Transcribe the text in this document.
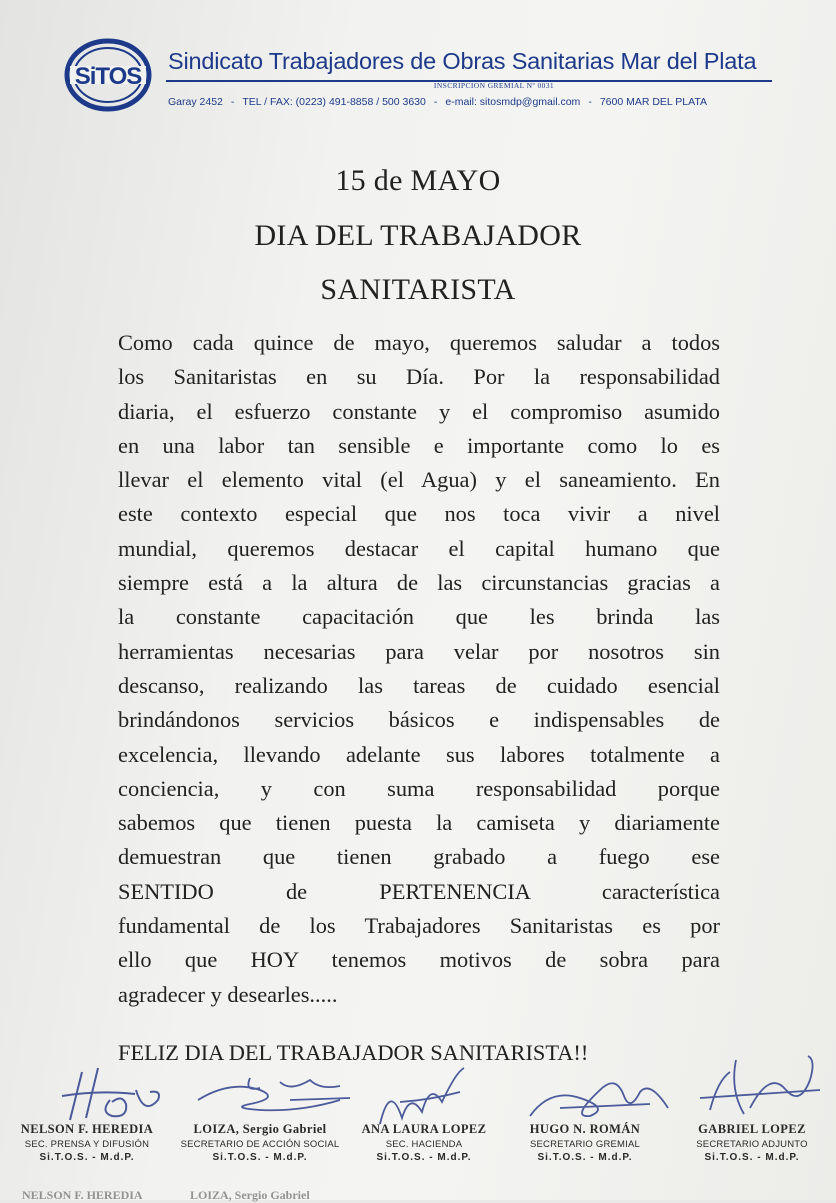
SiTOS
Sindicato Trabajadores de Obras Sanitarias Mar del Plata
INSCRIPCION GREMIAL Nº 0031
Garay 2452 - TEL / FAX: (0223) 491-8858 / 500 3630 - e-mail: sitosmdp@gmail.com - 7600 MAR DEL PLATA
15 de MAYO
DIA DEL TRABAJADOR
SANITARISTA
Como cada quince de mayo, queremos saludar a todos
los Sanitaristas en su Día. Por la responsabilidad
diaria, el esfuerzo constante y el compromiso asumido
en una labor tan sensible e importante como lo es
llevar el elemento vital (el Agua) y el saneamiento. En
este contexto especial que nos toca vivir a nivel
mundial, queremos destacar el capital humano que
siempre está a la altura de las circunstancias gracias a
la constante capacitación que les brinda las
herramientas necesarias para velar por nosotros sin
descanso, realizando las tareas de cuidado esencial
brindándonos servicios básicos e indispensables de
excelencia, llevando adelante sus labores totalmente a
conciencia, y con suma responsabilidad porque
sabemos que tienen puesta la camiseta y diariamente
demuestran que tienen grabado a fuego ese
SENTIDO de PERTENENCIA característica
fundamental de los Trabajadores Sanitaristas es por
ello que HOY tenemos motivos de sobra para
agradecer y desearles.....
FELIZ DIA DEL TRABAJADOR SANITARISTA!!
NELSON F. HEREDIA
SEC. PRENSA Y DIFUSIÓN
Si.T.O.S. - M.d.P.
LOIZA, Sergio Gabriel
SECRETARIO DE ACCIÓN SOCIAL
Si.T.O.S. - M.d.P.
ANA LAURA LOPEZ
SEC. HACIENDA
Si.T.O.S. - M.d.P.
HUGO N. ROMÁN
SECRETARIO GREMIAL
Si.T.O.S. - M.d.P.
GABRIEL LOPEZ
SECRETARIO ADJUNTO
Si.T.O.S. - M.d.P.
NELSON F. HEREDIA	LOIZA, Sergio Gabriel
